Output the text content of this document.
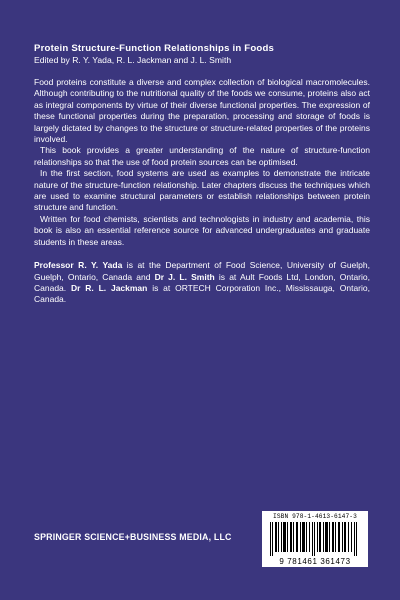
Protein Structure-Function Relationships in Foods

Edited by R. Y. Yada, R. L. Jackman and J. L. Smith

Food proteins constitute a diverse and complex collection of biological macromolecules. Although contributing to the nutritional quality of the foods we consume, proteins also act as integral components by virtue of their diverse functional properties. The expression of these functional properties during the preparation, processing and storage of foods is largely dictated by changes to the structure or structure-related properties of the proteins involved.

This book provides a greater understanding of the nature of structure-function relationships so that the use of food protein sources can be optimised.

In the first section, food systems are used as examples to demonstrate the intricate nature of the structure-function relationship. Later chapters discuss the techniques which are used to examine structural parameters or establish relationships between protein structure and function.

Written for food chemists, scientists and technologists in industry and academia, this book is also an essential reference source for advanced undergraduates and graduate students in these areas.

Professor R. Y. Yada is at the Department of Food Science, University of Guelph, Guelph, Ontario, Canada and Dr J. L. Smith is at Ault Foods Ltd, London, Ontario, Canada. Dr R. L. Jackman is at ORTECH Corporation Inc., Mississauga, Ontario, Canada.

SPRINGER SCIENCE+BUSINESS MEDIA, LLC
ISBN 978-1-4613-6147-3
9 781461 361473
